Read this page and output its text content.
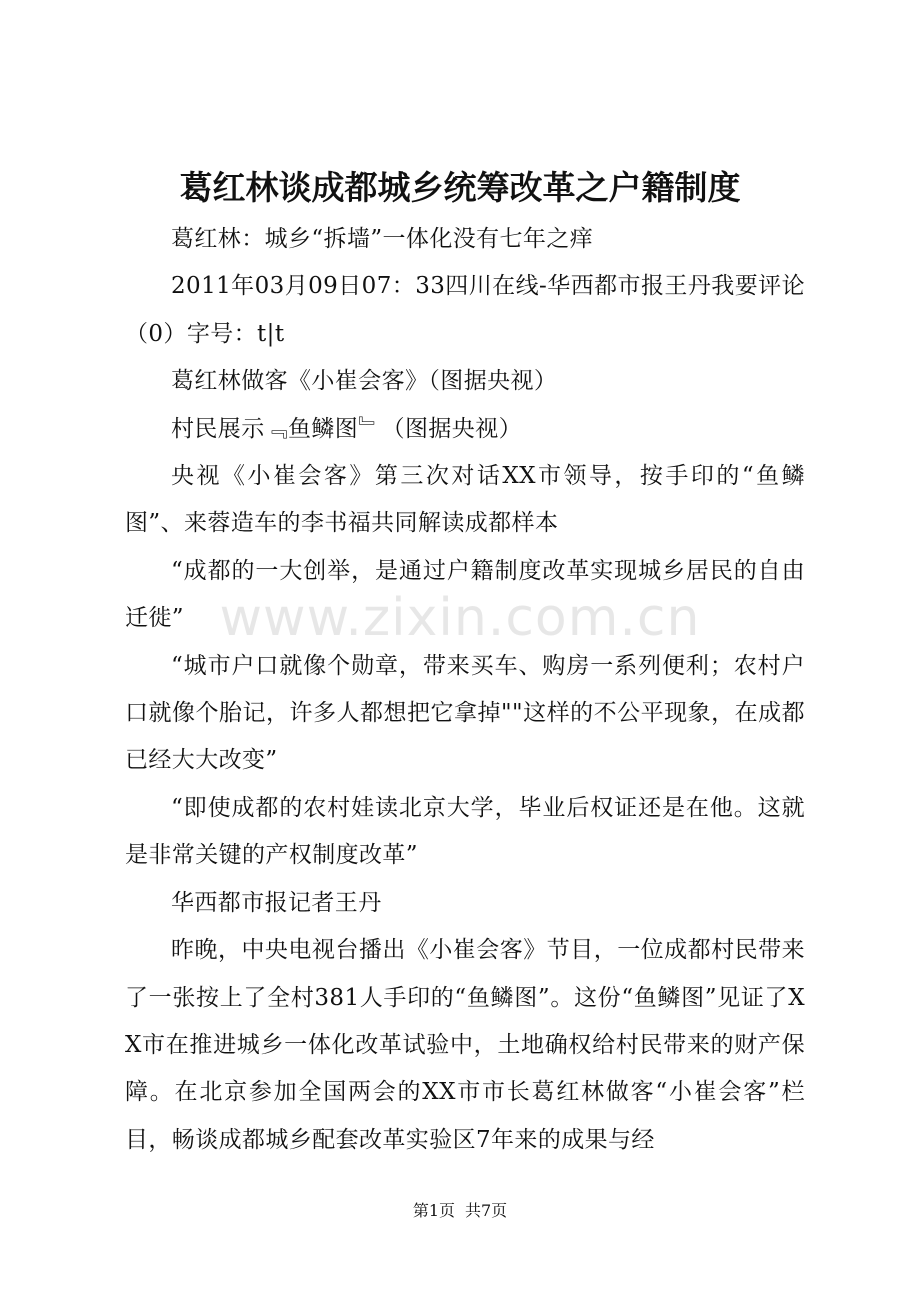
葛红林谈成都城乡统筹改革之户籍制度

葛红林：城乡“拆墙”一体化没有七年之痒

2011年03月09日07：33四川在线-华西都市报王丹我要评论（0）字号：t|t

葛红林做客《小崔会客》（图据央视）

村民展示﹃鱼鳞图﹄（图据央视）

央视《小崔会客》第三次对话XX市领导，按手印的“鱼鳞图”、来蓉造车的李书福共同解读成都样本

“成都的一大创举，是通过户籍制度改革实现城乡居民的自由迁徙”

“城市户口就像个勋章，带来买车、购房一系列便利；农村户口就像个胎记，许多人都想把它拿掉""这样的不公平现象，在成都已经大大改变”

“即使成都的农村娃读北京大学，毕业后权证还是在他。这就是非常关键的产权制度改革”

华西都市报记者王丹

昨晚，中央电视台播出《小崔会客》节目，一位成都村民带来了一张按上了全村381人手印的“鱼鳞图”。这份“鱼鳞图”见证了XX市在推进城乡一体化改革试验中，土地确权给村民带来的财产保障。在北京参加全国两会的XX市市长葛红林做客“小崔会客”栏目，畅谈成都城乡配套改革实验区7年来的成果与经

www.zixin.com.cn
第1页 共7页
